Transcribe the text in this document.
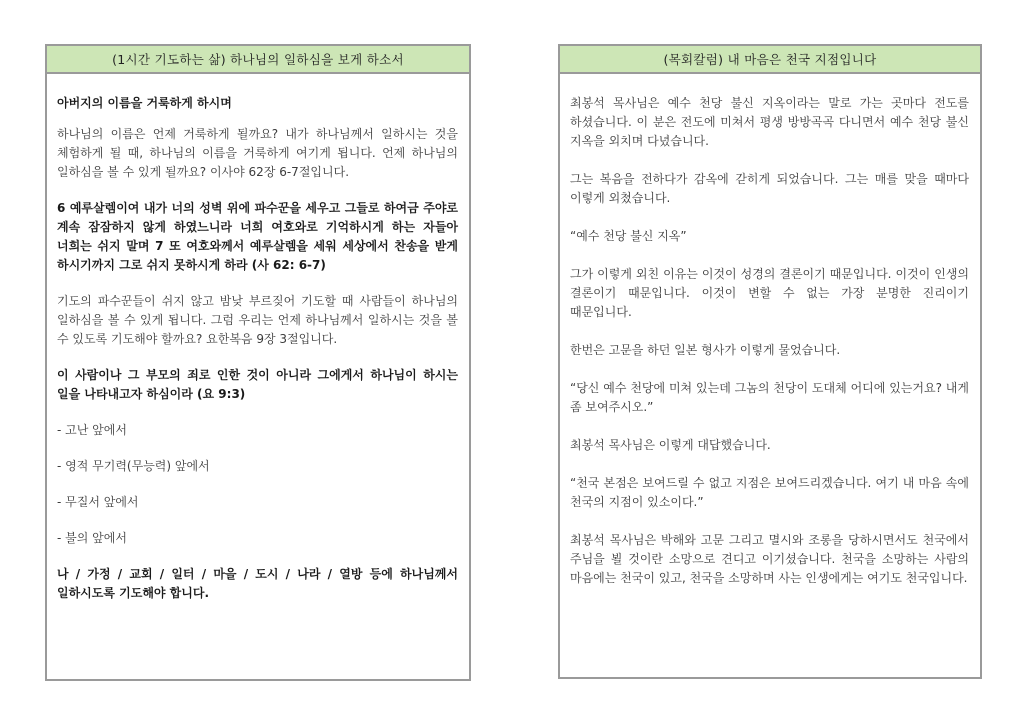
(1시간 기도하는 삶) 하나님의 일하심을 보게 하소서

아버지의 이름을 거룩하게 하시며

하나님의 이름은 언제 거룩하게 될까요? 내가 하나님께서 일하시는 것을 체험하게 될 때, 하나님의 이름을 거룩하게 여기게 됩니다. 언제 하나님의 일하심을 볼 수 있게 될까요? 이사야 62장 6-7절입니다.

6 예루살렘이여 내가 너의 성벽 위에 파수꾼을 세우고 그들로 하여금 주야로 계속 잠잠하지 않게 하였느니라 너희 여호와로 기억하시게 하는 자들아 너희는 쉬지 말며 7 또 여호와께서 예루살렘을 세워 세상에서 찬송을 받게 하시기까지 그로 쉬지 못하시게 하라 (사 62: 6-7)

기도의 파수꾼들이 쉬지 않고 밤낮 부르짖어 기도할 때 사람들이 하나님의 일하심을 볼 수 있게 됩니다. 그럼 우리는 언제 하나님께서 일하시는 것을 볼 수 있도록 기도해야 할까요? 요한복음 9장 3절입니다.

이 사람이나 그 부모의 죄로 인한 것이 아니라 그에게서 하나님이 하시는 일을 나타내고자 하심이라 (요 9:3)

- 고난 앞에서

- 영적 무기력(무능력) 앞에서

- 무질서 앞에서

- 불의 앞에서

나 / 가정 / 교회 / 일터 / 마을 / 도시 / 나라 / 열방 등에 하나님께서 일하시도록 기도해야 합니다.

(목회칼럼) 내 마음은 천국 지점입니다

최봉석 목사님은 예수 천당 불신 지옥이라는 말로 가는 곳마다 전도를 하셨습니다. 이 분은 전도에 미쳐서 평생 방방곡곡 다니면서 예수 천당 불신 지옥을 외치며 다녔습니다.

그는 복음을 전하다가 감옥에 갇히게 되었습니다. 그는 매를 맞을 때마다 이렇게 외쳤습니다.

“예수 천당 불신 지옥”

그가 이렇게 외친 이유는 이것이 성경의 결론이기 때문입니다. 이것이 인생의 결론이기 때문입니다. 이것이 변할 수 없는 가장 분명한 진리이기 때문입니다.

한번은 고문을 하던 일본 형사가 이렇게 물었습니다.

“당신 예수 천당에 미쳐 있는데 그놈의 천당이 도대체 어디에 있는거요? 내게 좀 보여주시오.”

최봉석 목사님은 이렇게 대답했습니다.

“천국 본점은 보여드릴 수 없고 지점은 보여드리겠습니다. 여기 내 마음 속에 천국의 지점이 있소이다.”

최봉석 목사님은 박해와 고문 그리고 멸시와 조롱을 당하시면서도 천국에서 주님을 뵐 것이란 소망으로 견디고 이기셨습니다. 천국을 소망하는 사람의 마음에는 천국이 있고, 천국을 소망하며 사는 인생에게는 여기도 천국입니다.
